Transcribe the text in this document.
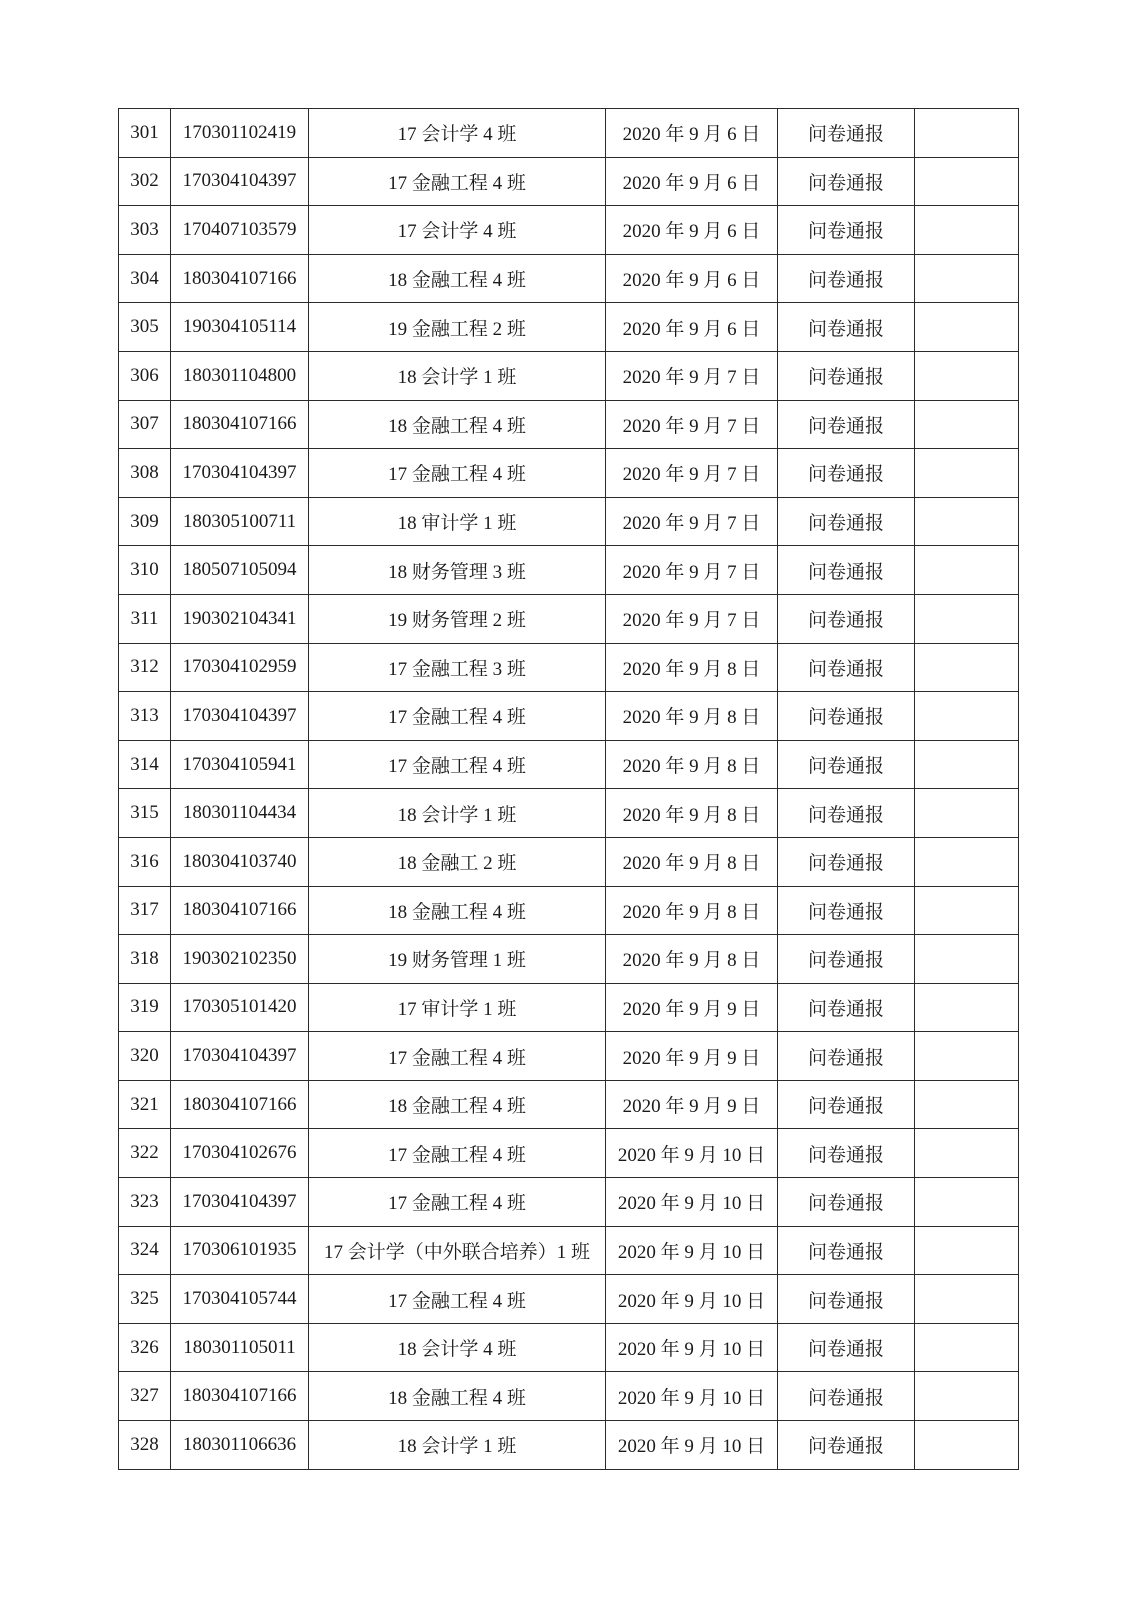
301	170301102419	17 会计学 4 班	2020 年 9 月 6 日	问卷通报	
302	170304104397	17 金融工程 4 班	2020 年 9 月 6 日	问卷通报	
303	170407103579	17 会计学 4 班	2020 年 9 月 6 日	问卷通报	
304	180304107166	18 金融工程 4 班	2020 年 9 月 6 日	问卷通报	
305	190304105114	19 金融工程 2 班	2020 年 9 月 6 日	问卷通报	
306	180301104800	18 会计学 1 班	2020 年 9 月 7 日	问卷通报	
307	180304107166	18 金融工程 4 班	2020 年 9 月 7 日	问卷通报	
308	170304104397	17 金融工程 4 班	2020 年 9 月 7 日	问卷通报	
309	180305100711	18 审计学 1 班	2020 年 9 月 7 日	问卷通报	
310	180507105094	18 财务管理 3 班	2020 年 9 月 7 日	问卷通报	
311	190302104341	19 财务管理 2 班	2020 年 9 月 7 日	问卷通报	
312	170304102959	17 金融工程 3 班	2020 年 9 月 8 日	问卷通报	
313	170304104397	17 金融工程 4 班	2020 年 9 月 8 日	问卷通报	
314	170304105941	17 金融工程 4 班	2020 年 9 月 8 日	问卷通报	
315	180301104434	18 会计学 1 班	2020 年 9 月 8 日	问卷通报	
316	180304103740	18 金融工 2 班	2020 年 9 月 8 日	问卷通报	
317	180304107166	18 金融工程 4 班	2020 年 9 月 8 日	问卷通报	
318	190302102350	19 财务管理 1 班	2020 年 9 月 8 日	问卷通报	
319	170305101420	17 审计学 1 班	2020 年 9 月 9 日	问卷通报	
320	170304104397	17 金融工程 4 班	2020 年 9 月 9 日	问卷通报	
321	180304107166	18 金融工程 4 班	2020 年 9 月 9 日	问卷通报	
322	170304102676	17 金融工程 4 班	2020 年 9 月 10 日	问卷通报	
323	170304104397	17 金融工程 4 班	2020 年 9 月 10 日	问卷通报	
324	170306101935	17 会计学（中外联合培养）1 班	2020 年 9 月 10 日	问卷通报	
325	170304105744	17 金融工程 4 班	2020 年 9 月 10 日	问卷通报	
326	180301105011	18 会计学 4 班	2020 年 9 月 10 日	问卷通报	
327	180304107166	18 金融工程 4 班	2020 年 9 月 10 日	问卷通报	
328	180301106636	18 会计学 1 班	2020 年 9 月 10 日	问卷通报	
